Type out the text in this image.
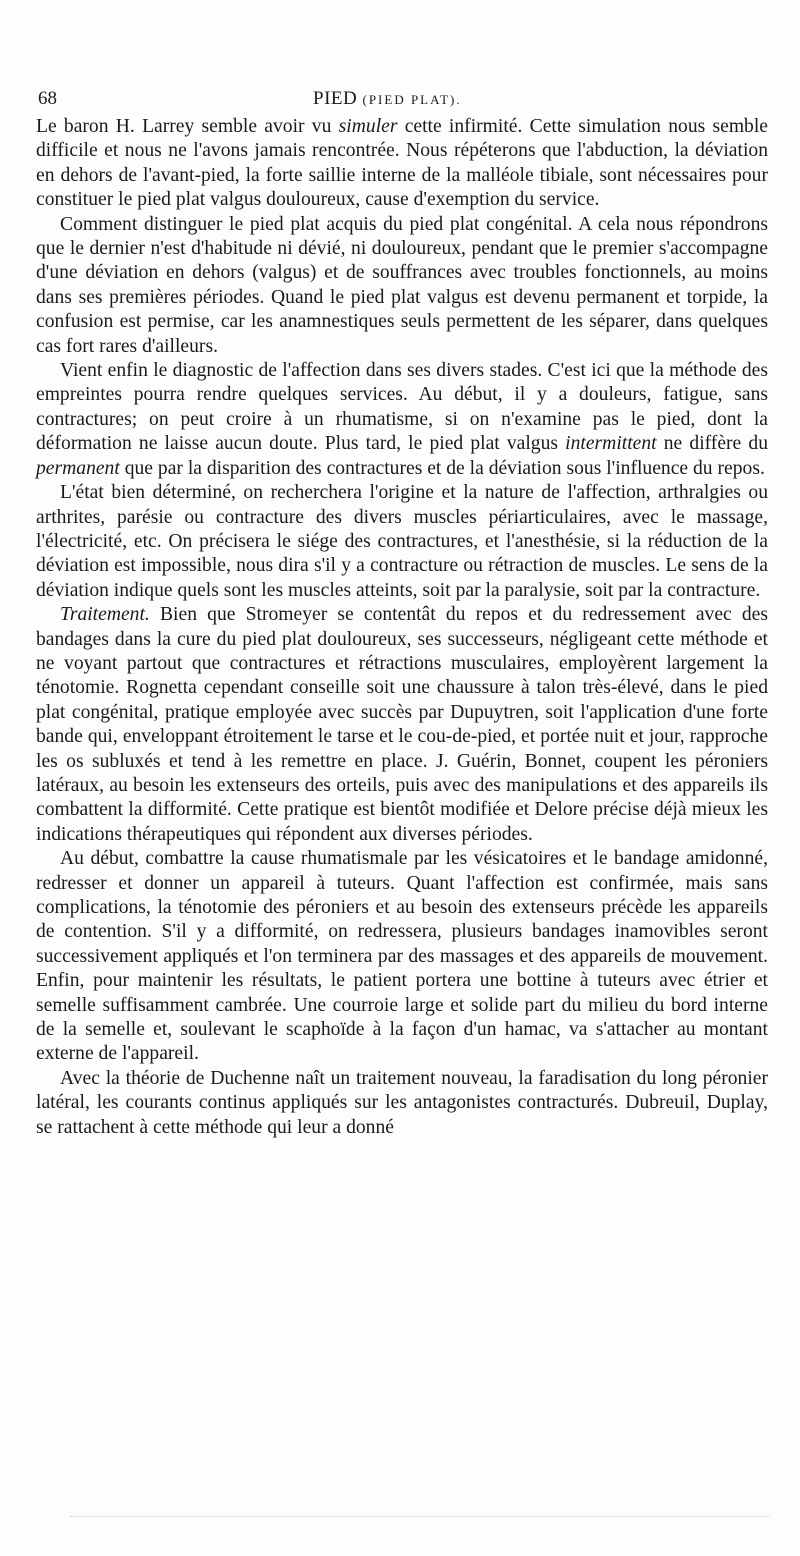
68	PIED (PIED PLAT).

Le baron H. Larrey semble avoir vu simuler cette infirmité. Cette simulation nous semble difficile et nous ne l'avons jamais rencontrée. Nous répéterons que l'abduction, la déviation en dehors de l'avant-pied, la forte saillie interne de la malléole tibiale, sont nécessaires pour constituer le pied plat valgus douloureux, cause d'exemption du service.

Comment distinguer le pied plat acquis du pied plat congénital. A cela nous répondrons que le dernier n'est d'habitude ni dévié, ni douloureux, pendant que le premier s'accompagne d'une déviation en dehors (valgus) et de souffrances avec troubles fonctionnels, au moins dans ses premières périodes. Quand le pied plat valgus est devenu permanent et torpide, la confusion est permise, car les anamnestiques seuls permettent de les séparer, dans quelques cas fort rares d'ailleurs.

Vient enfin le diagnostic de l'affection dans ses divers stades. C'est ici que la méthode des empreintes pourra rendre quelques services. Au début, il y a douleurs, fatigue, sans contractures; on peut croire à un rhumatisme, si on n'examine pas le pied, dont la déformation ne laisse aucun doute. Plus tard, le pied plat valgus intermittent ne diffère du permanent que par la disparition des contractures et de la déviation sous l'influence du repos.

L'état bien déterminé, on recherchera l'origine et la nature de l'affection, arthralgies ou arthrites, parésie ou contracture des divers muscles périarticulaires, avec le massage, l'électricité, etc. On précisera le siége des contractures, et l'anesthésie, si la réduction de la déviation est impossible, nous dira s'il y a contracture ou rétraction de muscles. Le sens de la déviation indique quels sont les muscles atteints, soit par la paralysie, soit par la contracture.

Traitement. Bien que Stromeyer se contentât du repos et du redressement avec des bandages dans la cure du pied plat douloureux, ses successeurs, négligeant cette méthode et ne voyant partout que contractures et rétractions musculaires, employèrent largement la ténotomie. Rognetta cependant conseille soit une chaussure à talon très-élevé, dans le pied plat congénital, pratique employée avec succès par Dupuytren, soit l'application d'une forte bande qui, enveloppant étroitement le tarse et le cou-de-pied, et portée nuit et jour, rapproche les os subluxés et tend à les remettre en place. J. Guérin, Bonnet, coupent les péroniers latéraux, au besoin les extenseurs des orteils, puis avec des manipulations et des appareils ils combattent la difformité. Cette pratique est bientôt modifiée et Delore précise déjà mieux les indications thérapeutiques qui répondent aux diverses périodes.

Au début, combattre la cause rhumatismale par les vésicatoires et le bandage amidonné, redresser et donner un appareil à tuteurs. Quant l'affection est confirmée, mais sans complications, la ténotomie des péroniers et au besoin des extenseurs précède les appareils de contention. S'il y a difformité, on redressera, plusieurs bandages inamovibles seront successivement appliqués et l'on terminera par des massages et des appareils de mouvement. Enfin, pour maintenir les résultats, le patient portera une bottine à tuteurs avec étrier et semelle suffisamment cambrée. Une courroie large et solide part du milieu du bord interne de la semelle et, soulevant le scaphoïde à la façon d'un hamac, va s'attacher au montant externe de l'appareil.

Avec la théorie de Duchenne naît un traitement nouveau, la faradisation du long péronier latéral, les courants continus appliqués sur les antagonistes contracturés. Dubreuil, Duplay, se rattachent à cette méthode qui leur a donné
